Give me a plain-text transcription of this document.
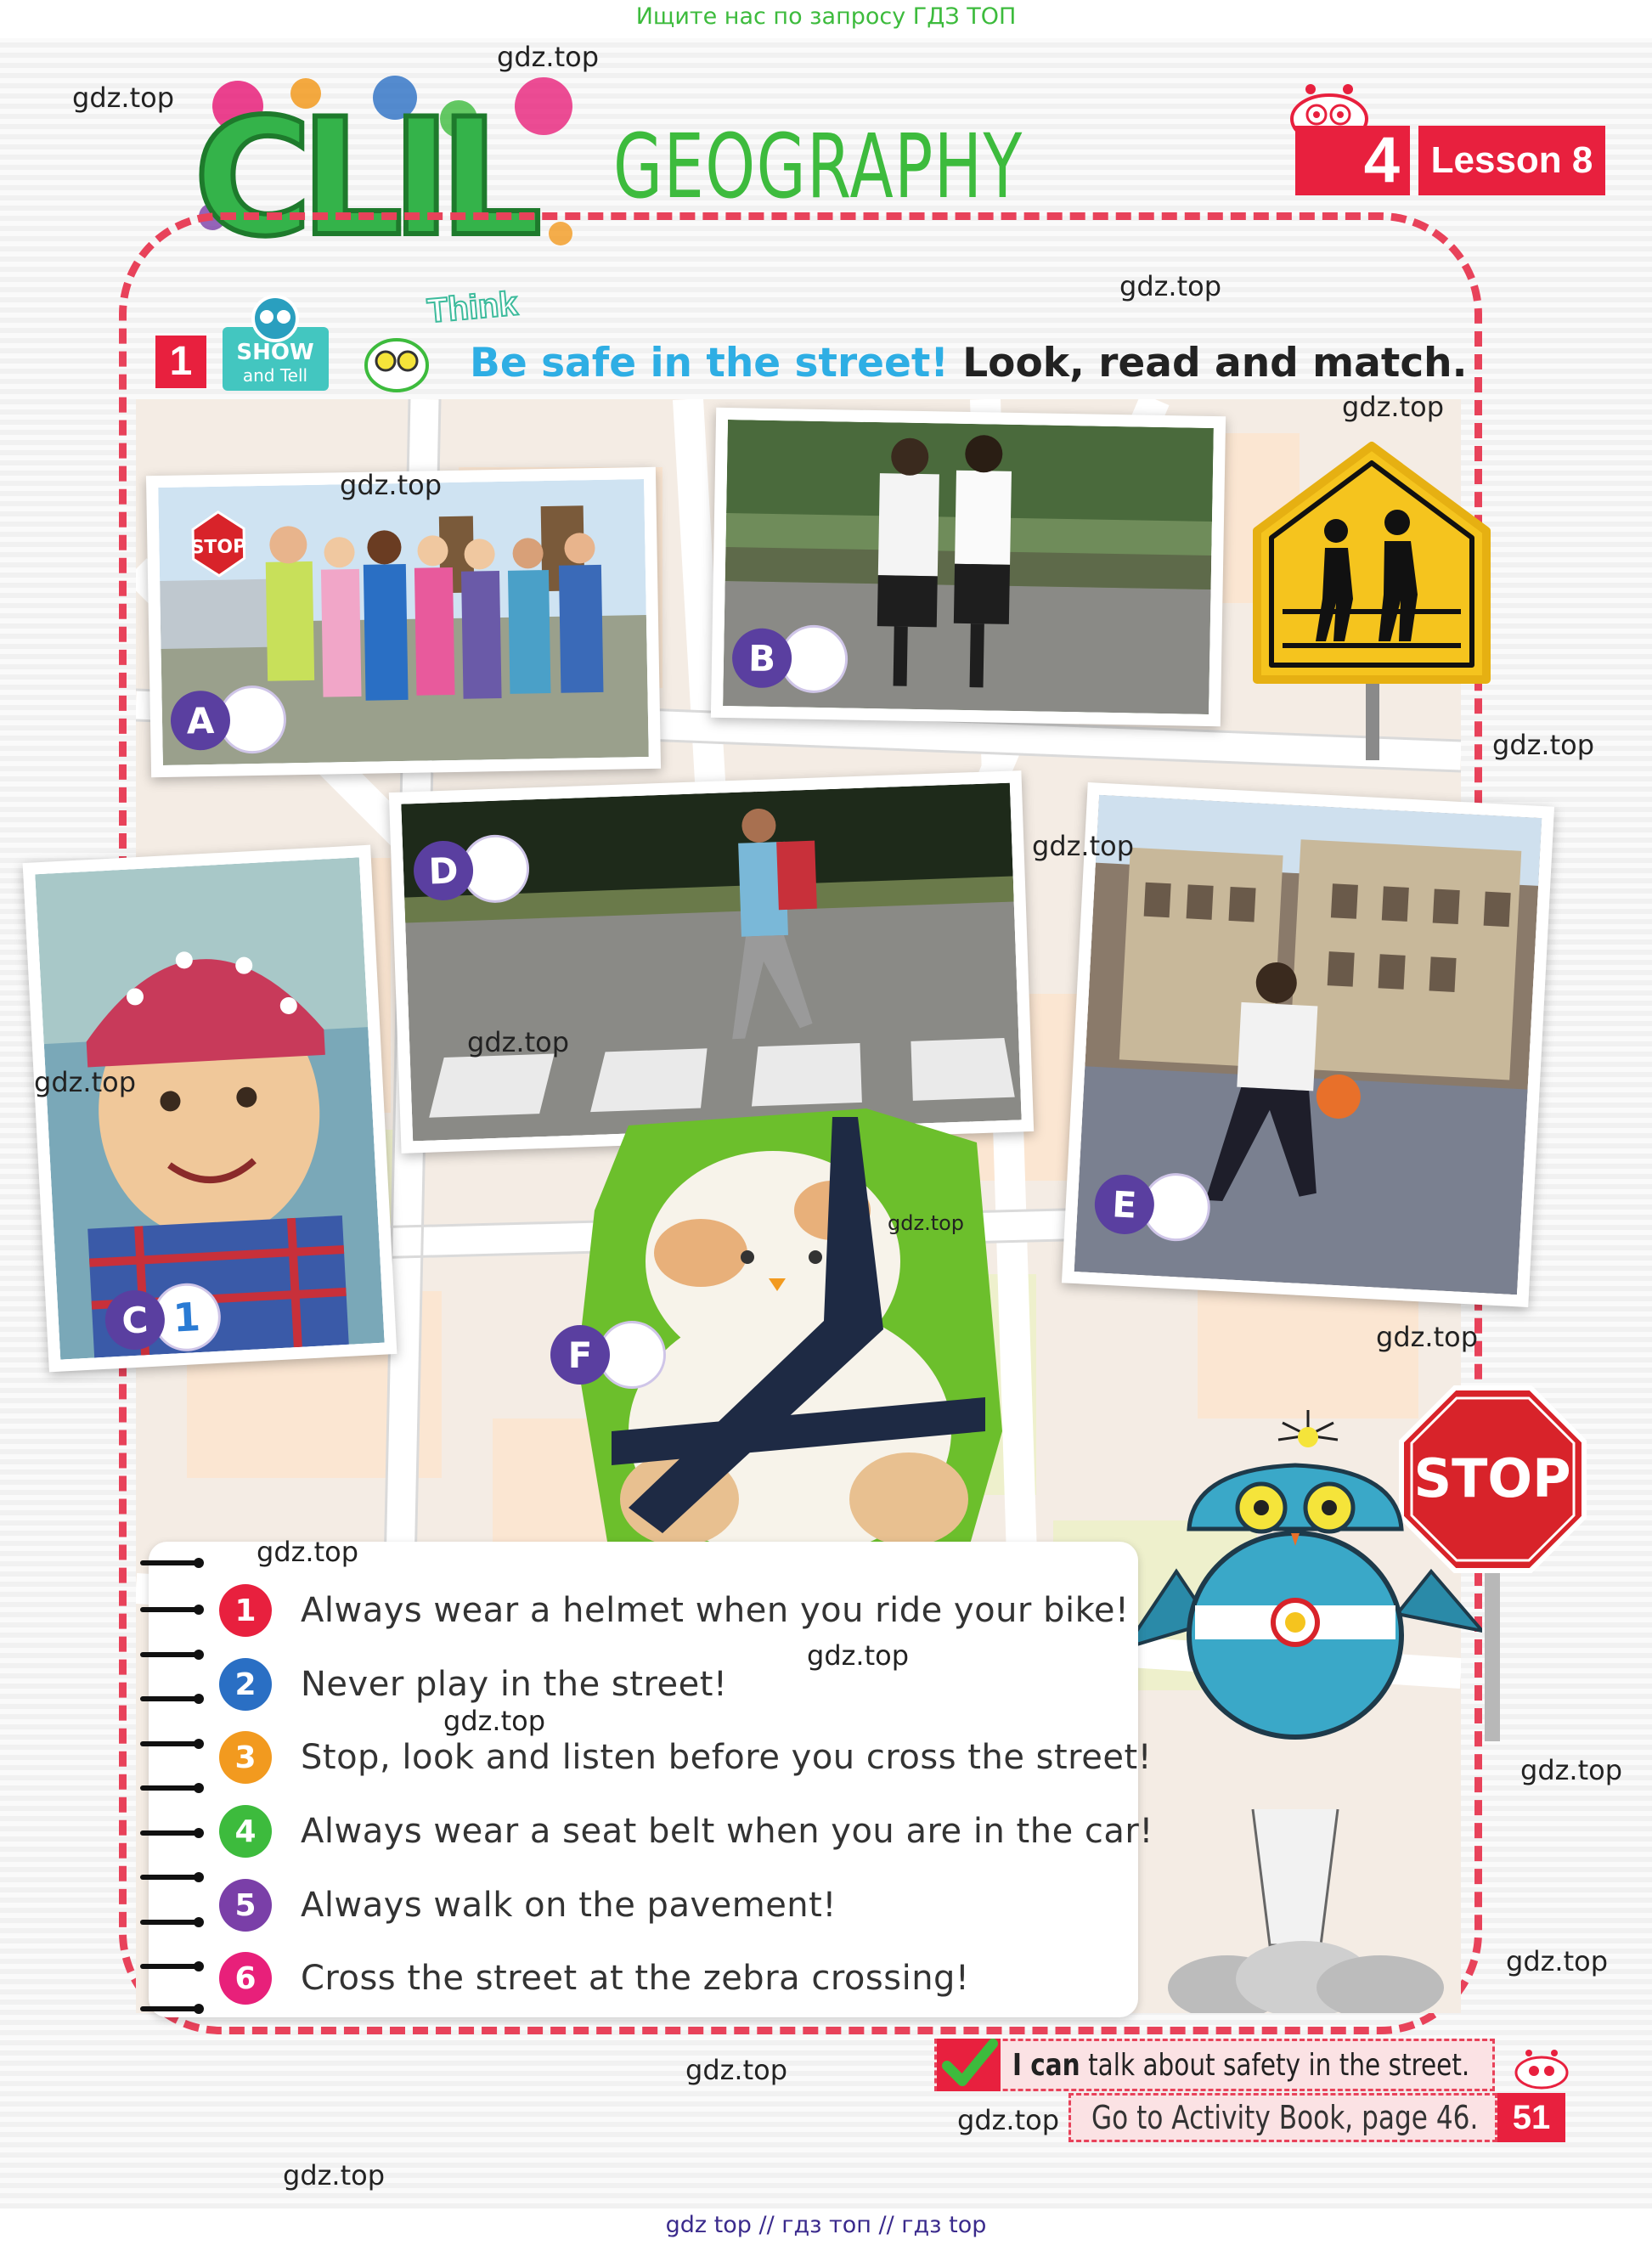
Ищите нас по запросу ГДЗ ТОП
CLIL GEOGRAPHY	4 Lesson 8
1	SHOW
and Tell
Think
Be safe in the street! Look, read and match.
STOP
A
B
C 1
D
E
F
STOP
1	Always wear a helmet when you ride your bike!
2	Never play in the street!
3	Stop, look and listen before you cross the street!
4	Always wear a seat belt when you are in the car!
5	Always walk on the pavement!
6	Cross the street at the zebra crossing!
I can talk about safety in the street.
Go to Activity Book, page 46.	51
gdz.top
gdz.top
gdz.top
gdz.top
gdz.top
gdz.top
gdz.top
gdz.top
gdz.top
gdz.top
gdz.top
gdz.top
gdz.top
gdz.top
gdz.top
gdz.top
gdz.top
gdz.top
gdz.top
gdz top // гдз топ // гдз top
